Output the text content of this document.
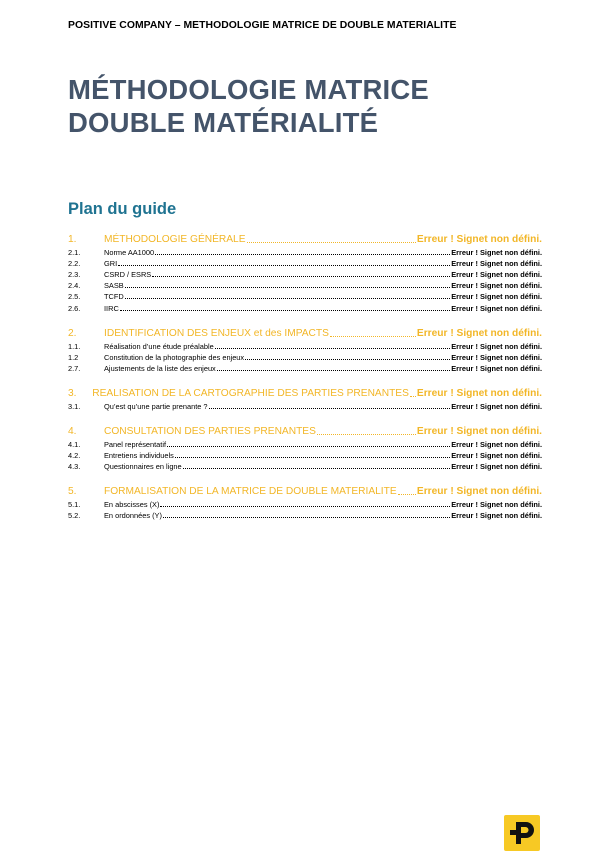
POSITIVE COMPANY – METHODOLOGIE MATRICE DE DOUBLE MATERIALITE
MÉTHODOLOGIE MATRICE
DOUBLE MATÉRIALITÉ
Plan du guide
1.	MÉTHODOLOGIE GÉNÉRALE	Erreur ! Signet non défini.
2.1.	Norme AA1000	Erreur ! Signet non défini.
2.2.	GRI	Erreur ! Signet non défini.
2.3.	CSRD / ESRS	Erreur ! Signet non défini.
2.4.	SASB	Erreur ! Signet non défini.
2.5.	TCFD	Erreur ! Signet non défini.
2.6.	IIRC	Erreur ! Signet non défini.
2.	IDENTIFICATION DES ENJEUX et des IMPACTS	Erreur ! Signet non défini.
1.1.	Réalisation d’une étude préalable	Erreur ! Signet non défini.
1.2	Constitution de la photographie des enjeux	Erreur ! Signet non défini.
2.7.	Ajustements de la liste des enjeux	Erreur ! Signet non défini.
3.	REALISATION DE LA CARTOGRAPHIE DES PARTIES PRENANTES Erreur ! Signet non défini.
3.1.	Qu’est qu’une partie prenante ?	Erreur ! Signet non défini.
4.	CONSULTATION DES PARTIES PRENANTES	Erreur ! Signet non défini.
4.1.	Panel représentatif	Erreur ! Signet non défini.
4.2.	Entretiens individuels	Erreur ! Signet non défini.
4.3.	Questionnaires en ligne	Erreur ! Signet non défini.
5.	FORMALISATION DE LA MATRICE DE DOUBLE MATERIALITE Erreur ! Signet non défini.
5.1.	En abscisses (X)	Erreur ! Signet non défini.
5.2.	En ordonnées (Y)	Erreur ! Signet non défini.
